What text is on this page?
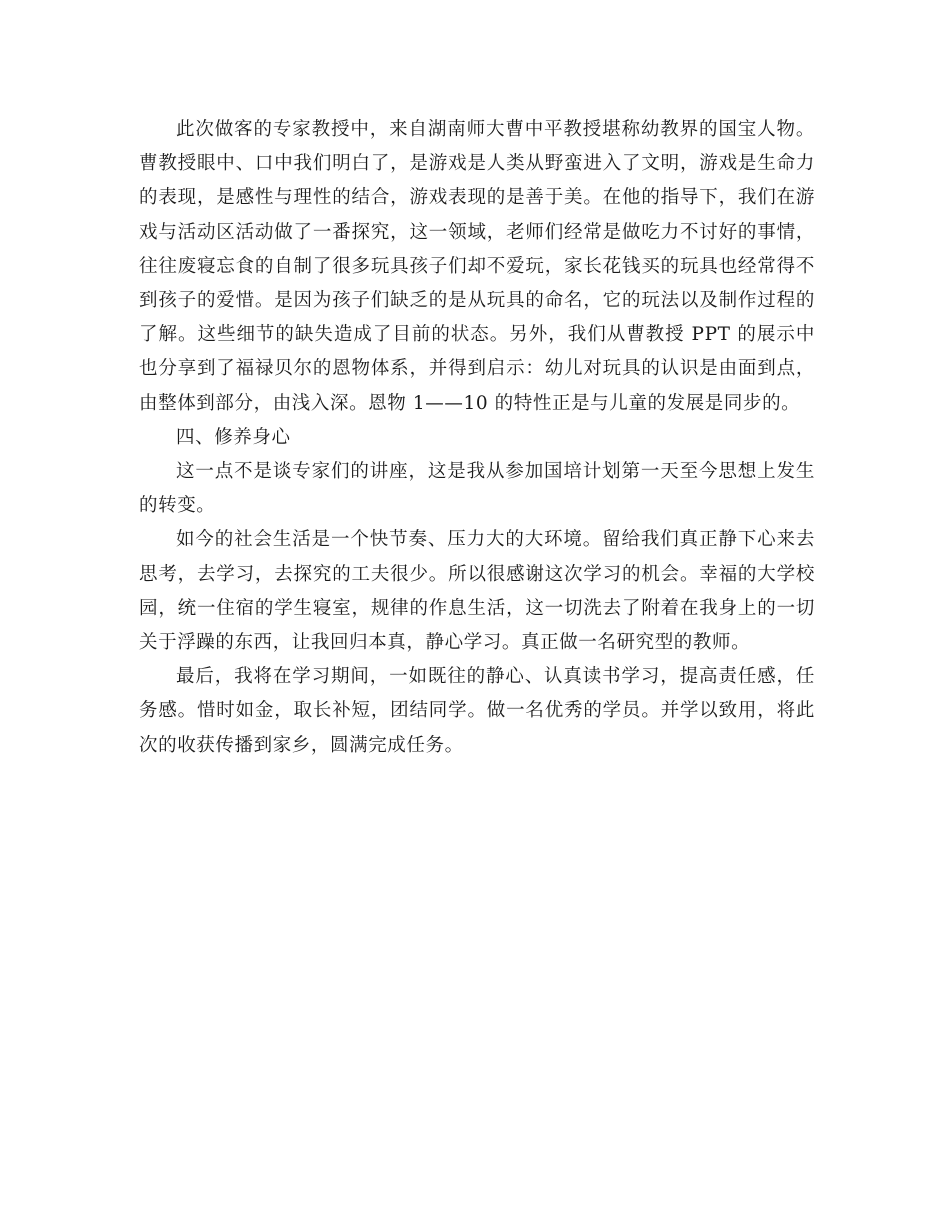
此次做客的专家教授中，来自湖南师大曹中平教授堪称幼教界的国宝人物。曹教授眼中、口中我们明白了，是游戏是人类从野蛮进入了文明，游戏是生命力的表现，是感性与理性的结合，游戏表现的是善于美。在他的指导下，我们在游戏与活动区活动做了一番探究，这一领域，老师们经常是做吃力不讨好的事情，往往废寝忘食的自制了很多玩具孩子们却不爱玩，家长花钱买的玩具也经常得不到孩子的爱惜。是因为孩子们缺乏的是从玩具的命名，它的玩法以及制作过程的了解。这些细节的缺失造成了目前的状态。另外，我们从曹教授 PPT 的展示中也分享到了福禄贝尔的恩物体系，并得到启示：幼儿对玩具的认识是由面到点，由整体到部分，由浅入深。恩物 1——10 的特性正是与儿童的发展是同步的。

四、修养身心

这一点不是谈专家们的讲座，这是我从参加国培计划第一天至今思想上发生的转变。

如今的社会生活是一个快节奏、压力大的大环境。留给我们真正静下心来去思考，去学习，去探究的工夫很少。所以很感谢这次学习的机会。幸福的大学校园，统一住宿的学生寝室，规律的作息生活，这一切洗去了附着在我身上的一切关于浮躁的东西，让我回归本真，静心学习。真正做一名研究型的教师。

最后，我将在学习期间，一如既往的静心、认真读书学习，提高责任感，任务感。惜时如金，取长补短，团结同学。做一名优秀的学员。并学以致用，将此次的收获传播到家乡，圆满完成任务。
